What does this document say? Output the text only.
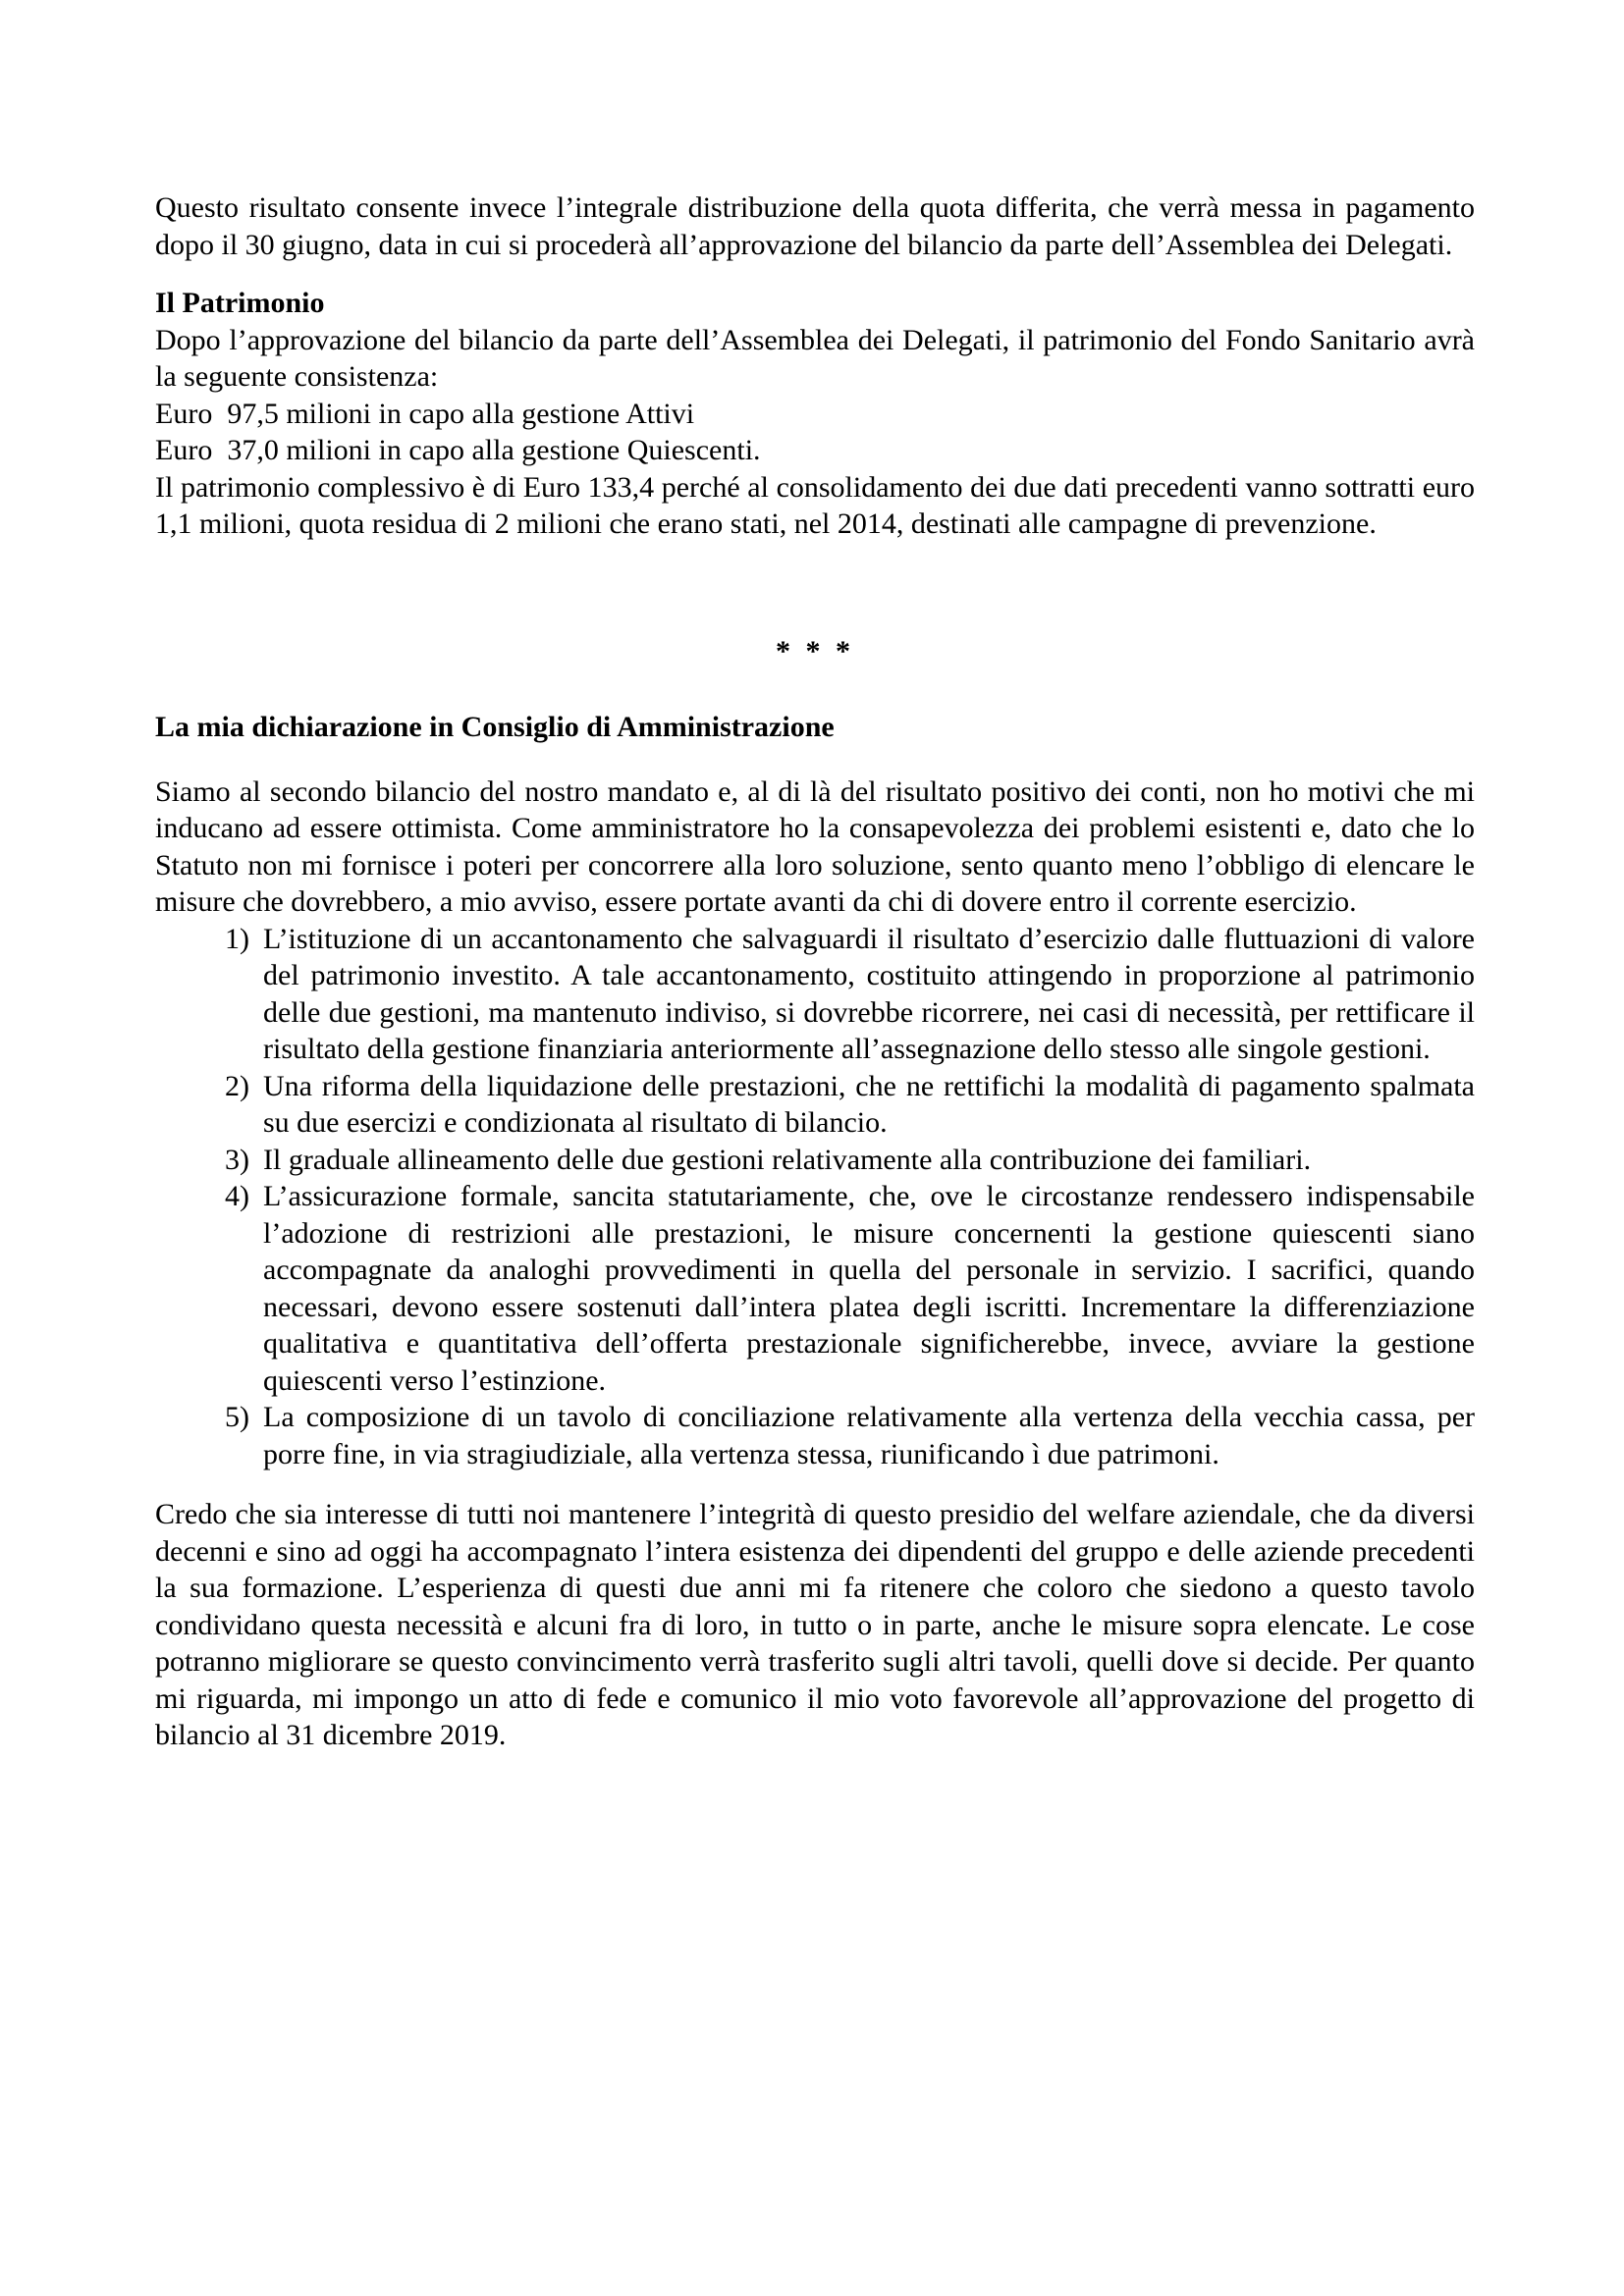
Questo risultato consente invece l’integrale distribuzione della quota differita, che verrà messa in pagamento dopo il 30 giugno, data in cui si procederà all’approvazione del bilancio da parte dell’Assemblea dei Delegati.

Il Patrimonio

Dopo l’approvazione del bilancio da parte dell’Assemblea dei Delegati, il patrimonio del Fondo Sanitario avrà la seguente consistenza:

Euro  97,5 milioni in capo alla gestione Attivi

Euro  37,0 milioni in capo alla gestione Quiescenti.

Il patrimonio complessivo è di Euro 133,4 perché al consolidamento dei due dati precedenti vanno sottratti euro 1,1 milioni, quota residua di 2 milioni che erano stati, nel 2014, destinati alle campagne di prevenzione.

* * *

La mia dichiarazione in Consiglio di Amministrazione

Siamo al secondo bilancio del nostro mandato e, al di là del risultato positivo dei conti, non ho motivi che mi inducano ad essere ottimista. Come amministratore ho la consapevolezza dei problemi esistenti e, dato che lo Statuto non mi fornisce i poteri per concorrere alla loro soluzione, sento quanto meno l’obbligo di elencare le misure che dovrebbero, a mio avviso, essere portate avanti da chi di dovere entro il corrente esercizio.

1) L’istituzione di un accantonamento che salvaguardi il risultato d’esercizio dalle fluttuazioni di valore del patrimonio investito. A tale accantonamento, costituito attingendo in proporzione al patrimonio delle due gestioni, ma mantenuto indiviso, si dovrebbe ricorrere, nei casi di necessità, per rettificare il risultato della gestione finanziaria anteriormente all’assegnazione dello stesso alle singole gestioni.
2) Una riforma della liquidazione delle prestazioni, che ne rettifichi la modalità di pagamento spalmata su due esercizi e condizionata al risultato di bilancio.
3) Il graduale allineamento delle due gestioni relativamente alla contribuzione dei familiari.
4) L’assicurazione formale, sancita statutariamente, che, ove le circostanze rendessero indispensabile l’adozione di restrizioni alle prestazioni, le misure concernenti la gestione quiescenti siano accompagnate da analoghi provvedimenti in quella del personale in servizio. I sacrifici, quando necessari, devono essere sostenuti dall’intera platea degli iscritti. Incrementare la differenziazione qualitativa e quantitativa dell’offerta prestazionale significherebbe, invece, avviare la gestione quiescenti verso l’estinzione.
5) La composizione di un tavolo di conciliazione relativamente alla vertenza della vecchia cassa, per porre fine, in via stragiudiziale, alla vertenza stessa, riunificando ì due patrimoni.

Credo che sia interesse di tutti noi mantenere l’integrità di questo presidio del welfare aziendale, che da diversi decenni e sino ad oggi ha accompagnato l’intera esistenza dei dipendenti del gruppo e delle aziende precedenti la sua formazione. L’esperienza di questi due anni mi fa ritenere che coloro che siedono a questo tavolo condividano questa necessità e alcuni fra di loro, in tutto o in parte, anche le misure sopra elencate. Le cose potranno migliorare se questo convincimento verrà trasferito sugli altri tavoli, quelli dove si decide. Per quanto mi riguarda, mi impongo un atto di fede e comunico il mio voto favorevole all’approvazione del progetto di bilancio al 31 dicembre 2019.
